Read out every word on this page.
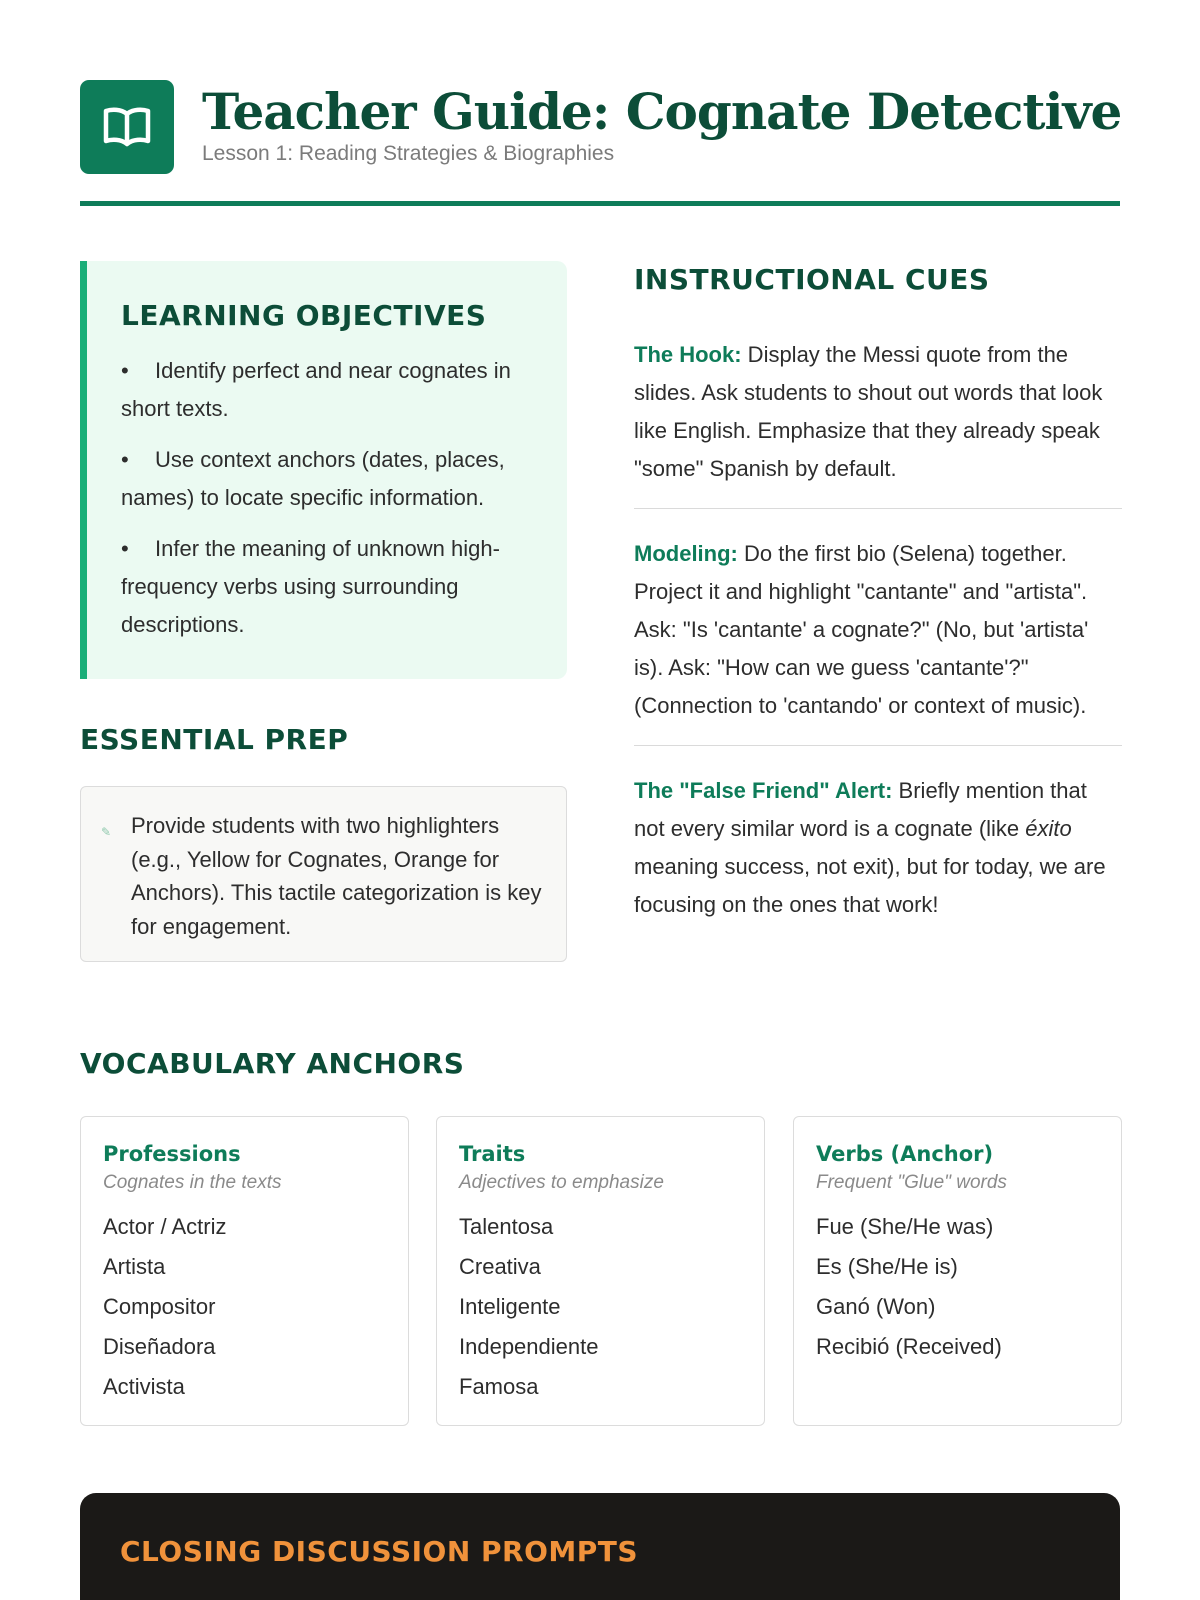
Teacher Guide: Cognate Detective
Lesson 1: Reading Strategies & Biographies
LEARNING OBJECTIVES
• Identify perfect and near cognates in short texts.
• Use context anchors (dates, places, names) to locate specific information.
• Infer the meaning of unknown high-frequency verbs using surrounding descriptions.
ESSENTIAL PREP
✎ Provide students with two highlighters (e.g., Yellow for Cognates, Orange for Anchors). This tactile categorization is key for engagement.
INSTRUCTIONAL CUES

The Hook: Display the Messi quote from the slides. Ask students to shout out words that look like English. Emphasize that they already speak "some" Spanish by default.

Modeling: Do the first bio (Selena) together. Project it and highlight "cantante" and "artista". Ask: "Is 'cantante' a cognate?" (No, but 'artista' is). Ask: "How can we guess 'cantante'?" (Connection to 'cantando' or context of music).

The "False Friend" Alert: Briefly mention that not every similar word is a cognate (like éxito meaning success, not exit), but for today, we are focusing on the ones that work!

VOCABULARY ANCHORS
Professions
Cognates in the texts
Actor / Actriz
Artista
Compositor
Diseñadora
Activista
Traits
Adjectives to emphasize
Talentosa
Creativa
Inteligente
Independiente
Famosa
Verbs (Anchor)
Frequent "Glue" words
Fue (She/He was)
Es (She/He is)
Ganó (Won)
Recibió (Received)
CLOSING DISCUSSION PROMPTS
